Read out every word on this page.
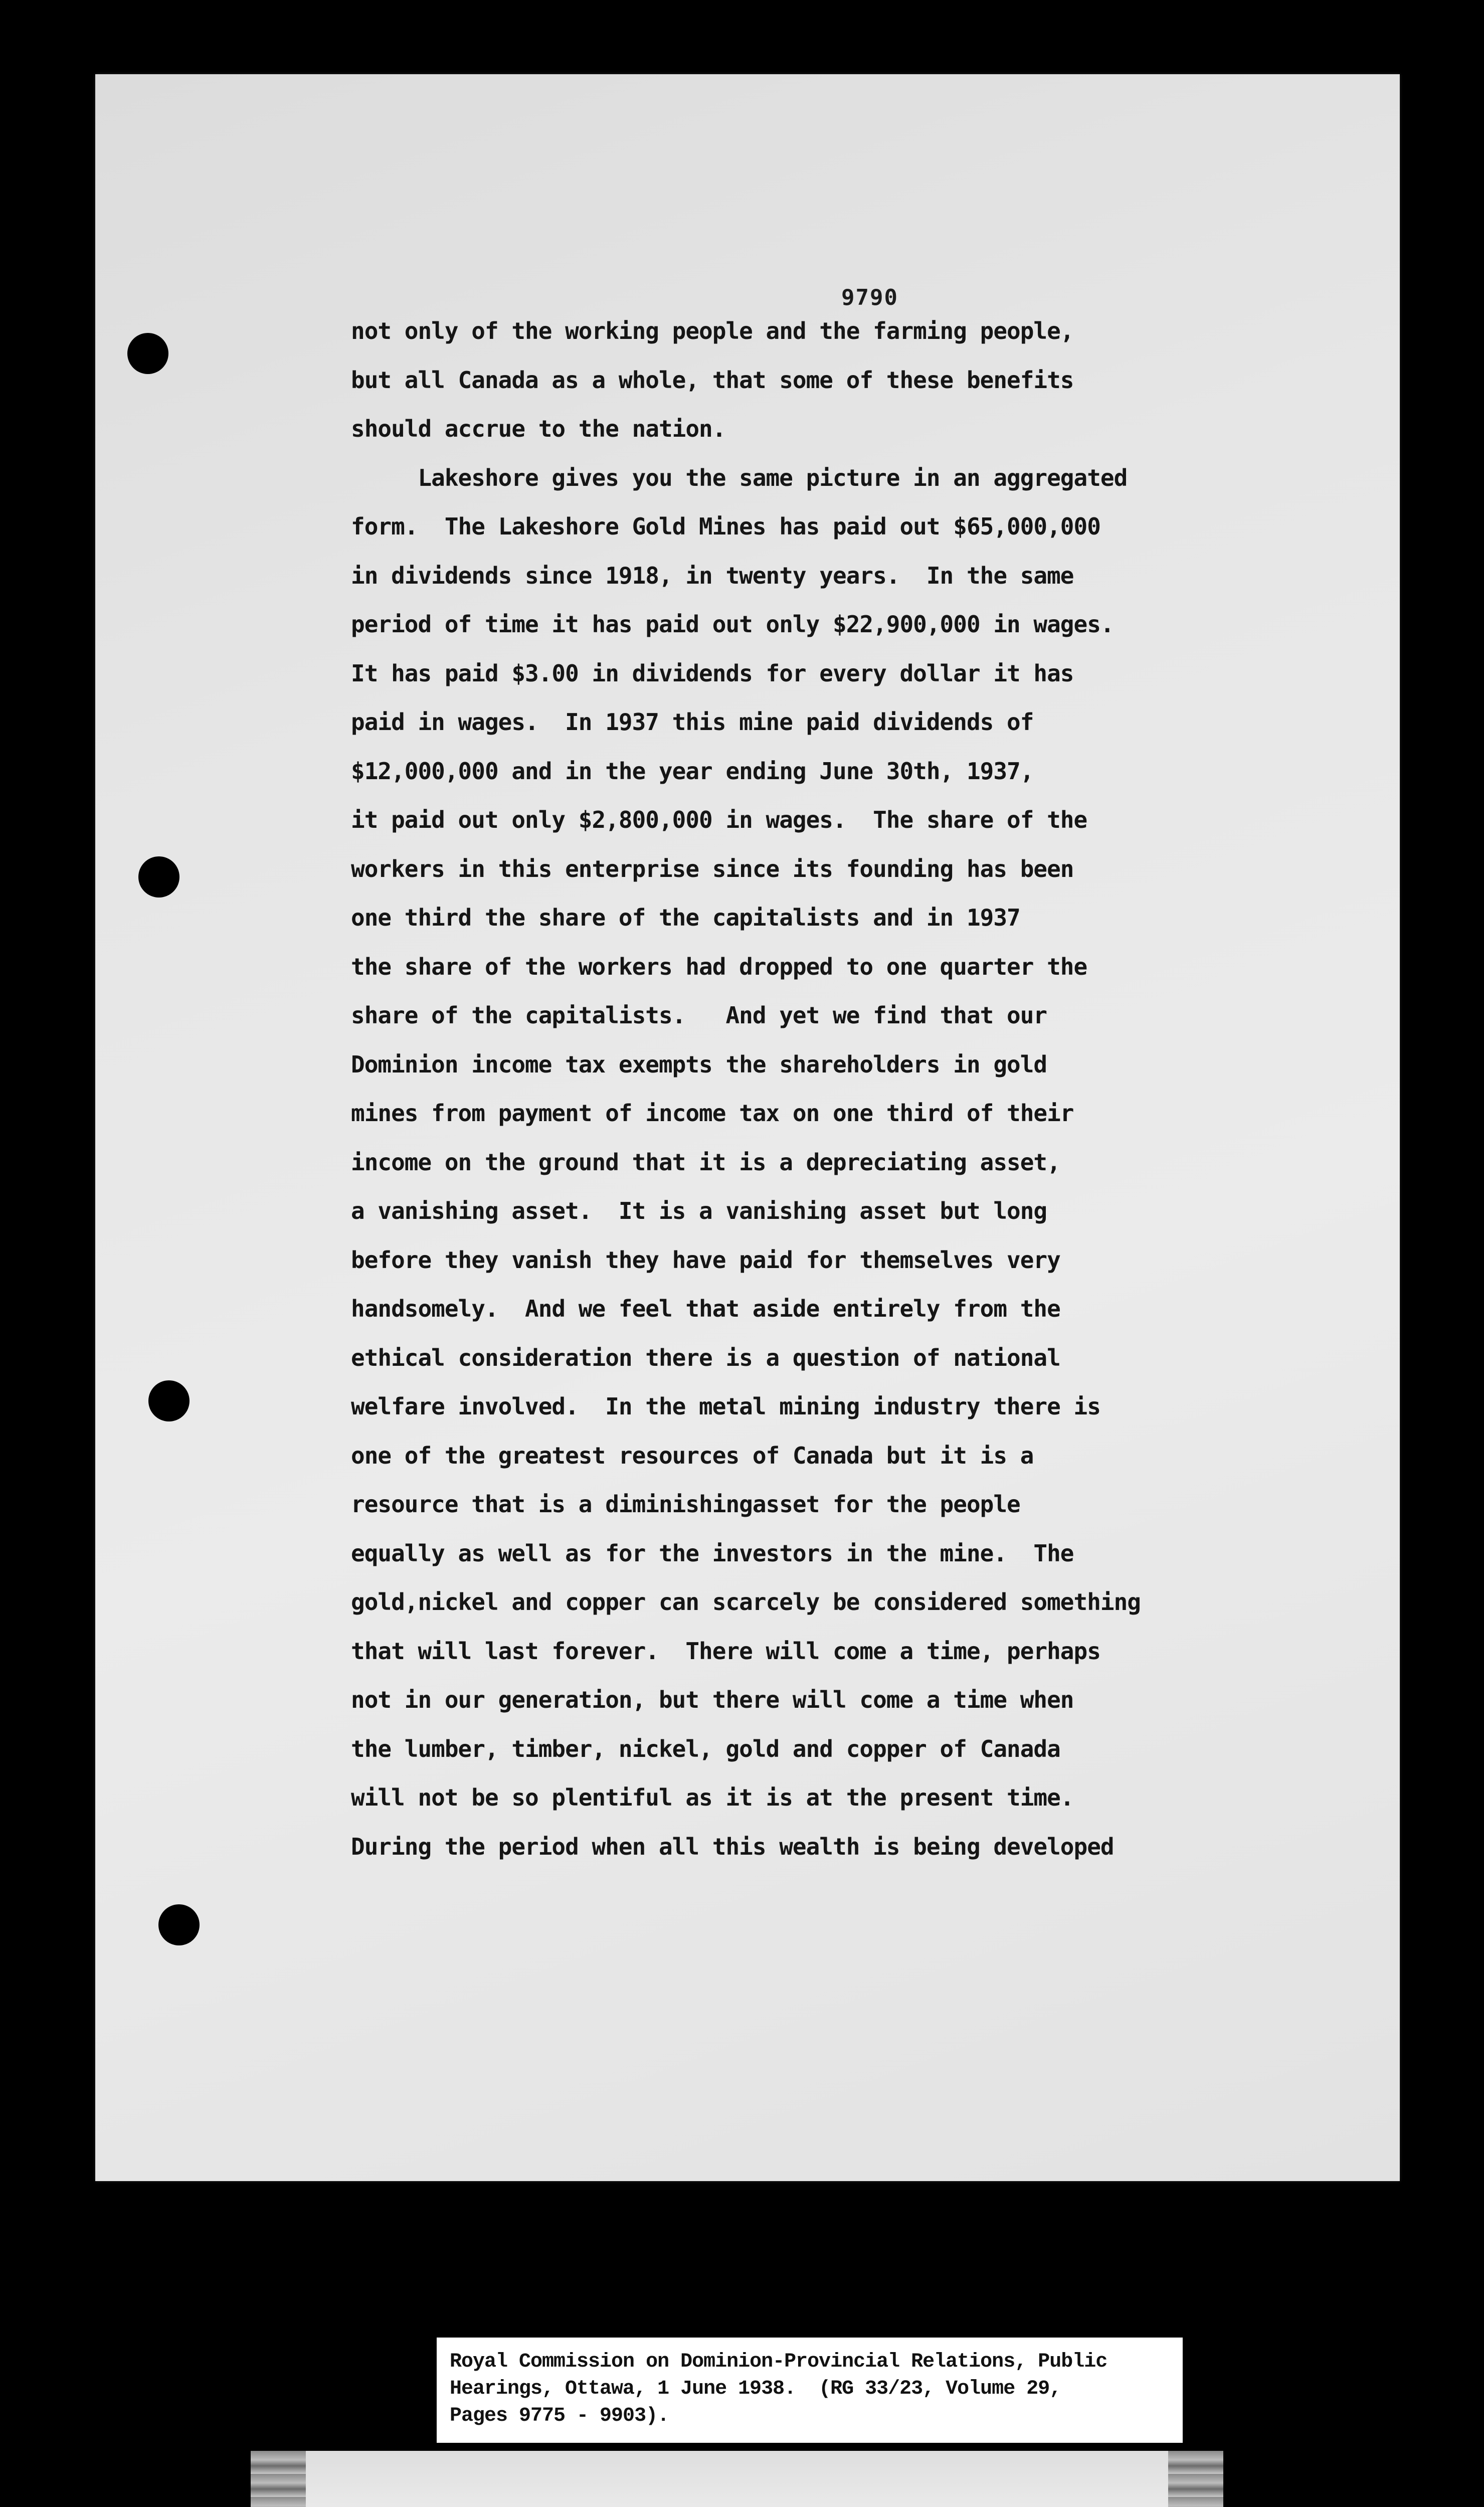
9790
not only of the working people and the farming people,
but all Canada as a whole, that some of these benefits
should accrue to the nation.
Lakeshore gives you the same picture in an aggregated
form.  The Lakeshore Gold Mines has paid out $65,000,000
in dividends since 1918, in twenty years.  In the same
period of time it has paid out only $22,900,000 in wages.
It has paid $3.00 in dividends for every dollar it has
paid in wages.  In 1937 this mine paid dividends of
$12,000,000 and in the year ending June 30th, 1937,
it paid out only $2,800,000 in wages.  The share of the
workers in this enterprise since its founding has been
one third the share of the capitalists and in 1937
the share of the workers had dropped to one quarter the
share of the capitalists.   And yet we find that our
Dominion income tax exempts the shareholders in gold
mines from payment of income tax on one third of their
income on the ground that it is a depreciating asset,
a vanishing asset.  It is a vanishing asset but long
before they vanish they have paid for themselves very
handsomely.  And we feel that aside entirely from the
ethical consideration there is a question of national
welfare involved.  In the metal mining industry there is
one of the greatest resources of Canada but it is a
resource that is a diminishingasset for the people
equally as well as for the investors in the mine.  The
gold,nickel and copper can scarcely be considered something
that will last forever.  There will come a time, perhaps
not in our generation, but there will come a time when
the lumber, timber, nickel, gold and copper of Canada
will not be so plentiful as it is at the present time.
During the period when all this wealth is being developed
Royal Commission on Dominion-Provincial Relations, Public
Hearings, Ottawa, 1 June 1938.  (RG 33/23, Volume 29,
Pages 9775 - 9903).
